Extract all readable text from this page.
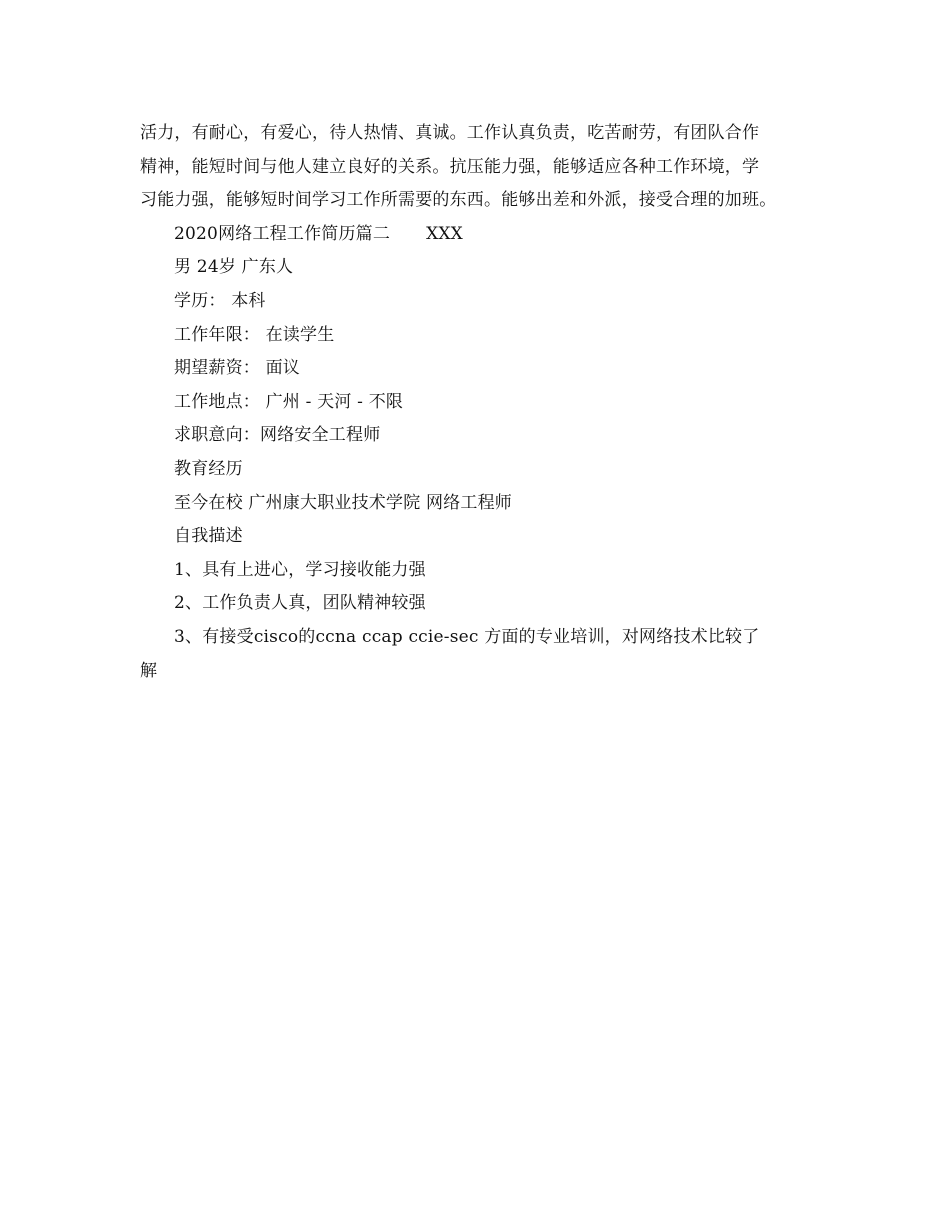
活力，有耐心，有爱心，待人热情、真诚。工作认真负责，吃苦耐劳，有团队合作

精神，能短时间与他人建立良好的关系。抗压能力强，能够适应各种工作环境，学

习能力强，能够短时间学习工作所需要的东西。能够出差和外派，接受合理的加班。

2020网络工程工作简历篇二 XXX

男 24岁 广东人

学历： 本科

工作年限： 在读学生

期望薪资： 面议

工作地点： 广州 - 天河 - 不限

求职意向：网络安全工程师

教育经历

至今在校 广州康大职业技术学院 网络工程师

自我描述

1、具有上进心，学习接收能力强

2、工作负责人真，团队精神较强

3、有接受cisco的ccna ccap ccie-sec 方面的专业培训，对网络技术比较了

解
